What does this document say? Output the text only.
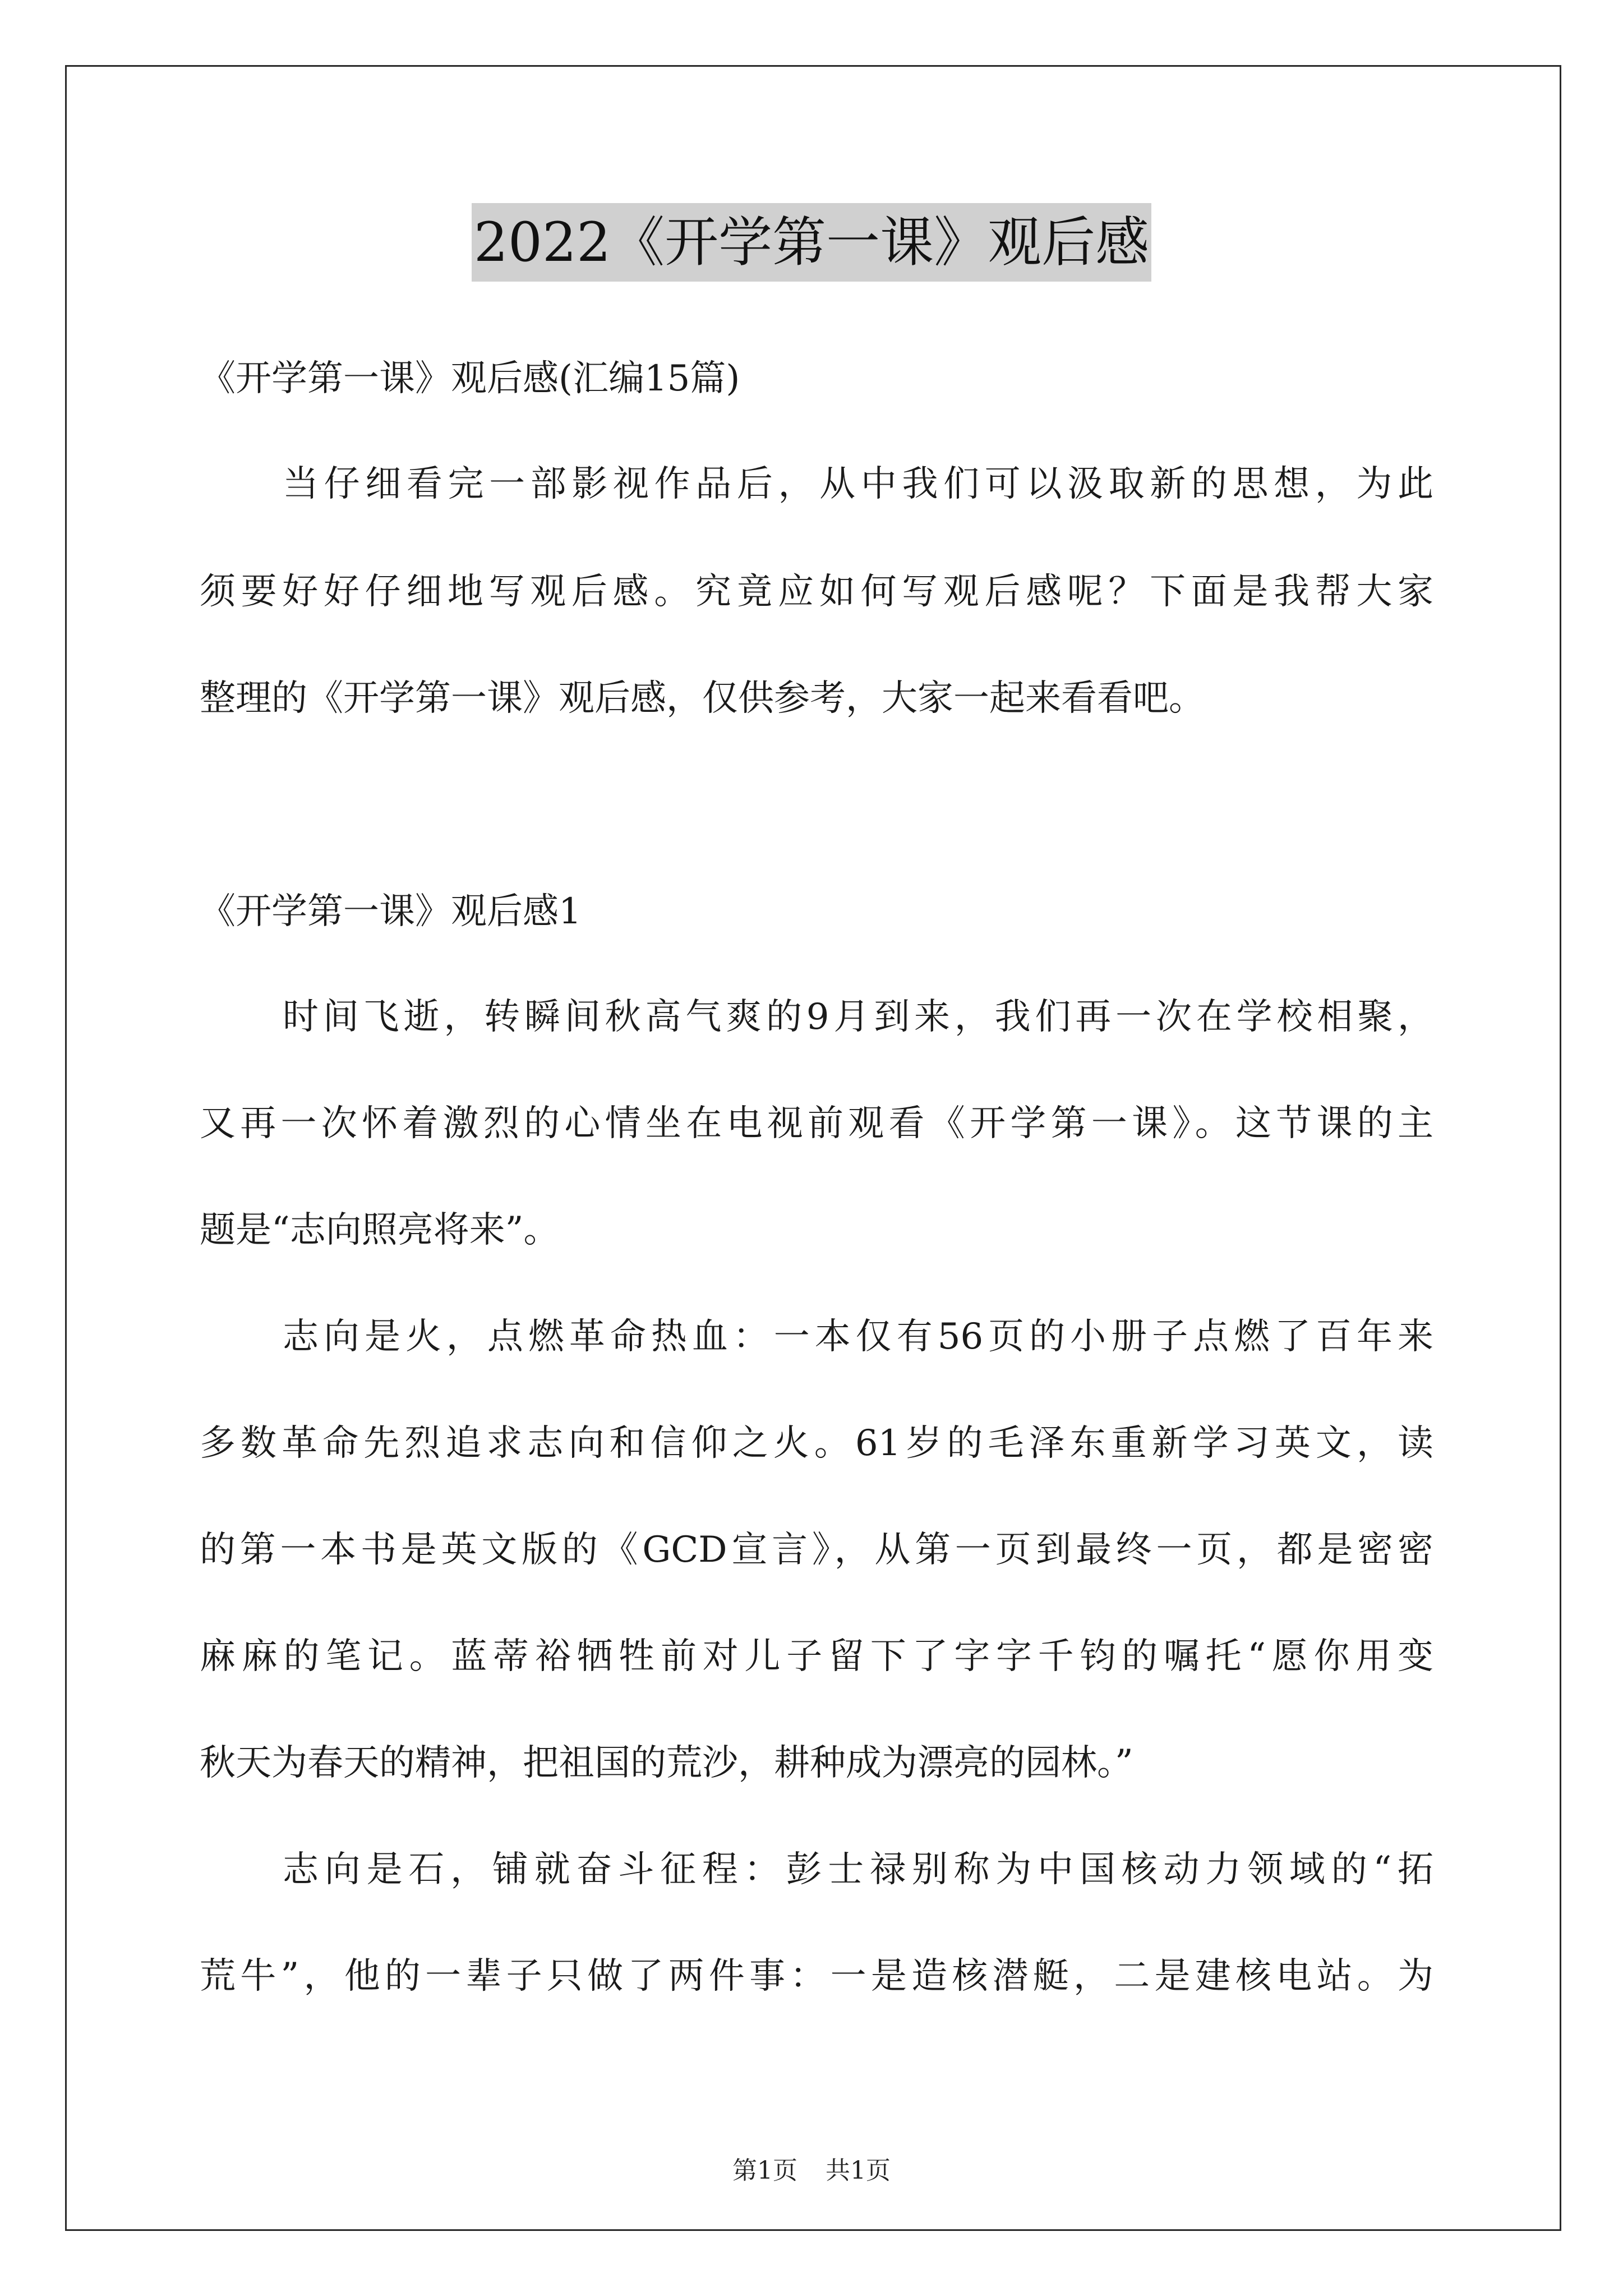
2022《开学第一课》观后感
《开学第一课》观后感(汇编15篇)
当仔细看完一部影视作品后，从中我们可以汲取新的思想，为此
须要好好仔细地写观后感。究竟应如何写观后感呢？下面是我帮大家
整理的《开学第一课》观后感，仅供参考，大家一起来看看吧。
《开学第一课》观后感1
时间飞逝，转瞬间秋高气爽的9月到来，我们再一次在学校相聚，
又再一次怀着激烈的心情坐在电视前观看《开学第一课》。这节课的主
题是“志向照亮将来”。
志向是火，点燃革命热血：一本仅有56页的小册子点燃了百年来
多数革命先烈追求志向和信仰之火。61岁的毛泽东重新学习英文，读
的第一本书是英文版的《GCD宣言》，从第一页到最终一页，都是密密
麻麻的笔记。蓝蒂裕牺牲前对儿子留下了字字千钧的嘱托“愿你用变
秋天为春天的精神，把祖国的荒沙，耕种成为漂亮的园林。”
志向是石，铺就奋斗征程：彭士禄别称为中国核动力领域的“拓
荒牛”，他的一辈子只做了两件事：一是造核潜艇，二是建核电站。为
第1页 共1页
